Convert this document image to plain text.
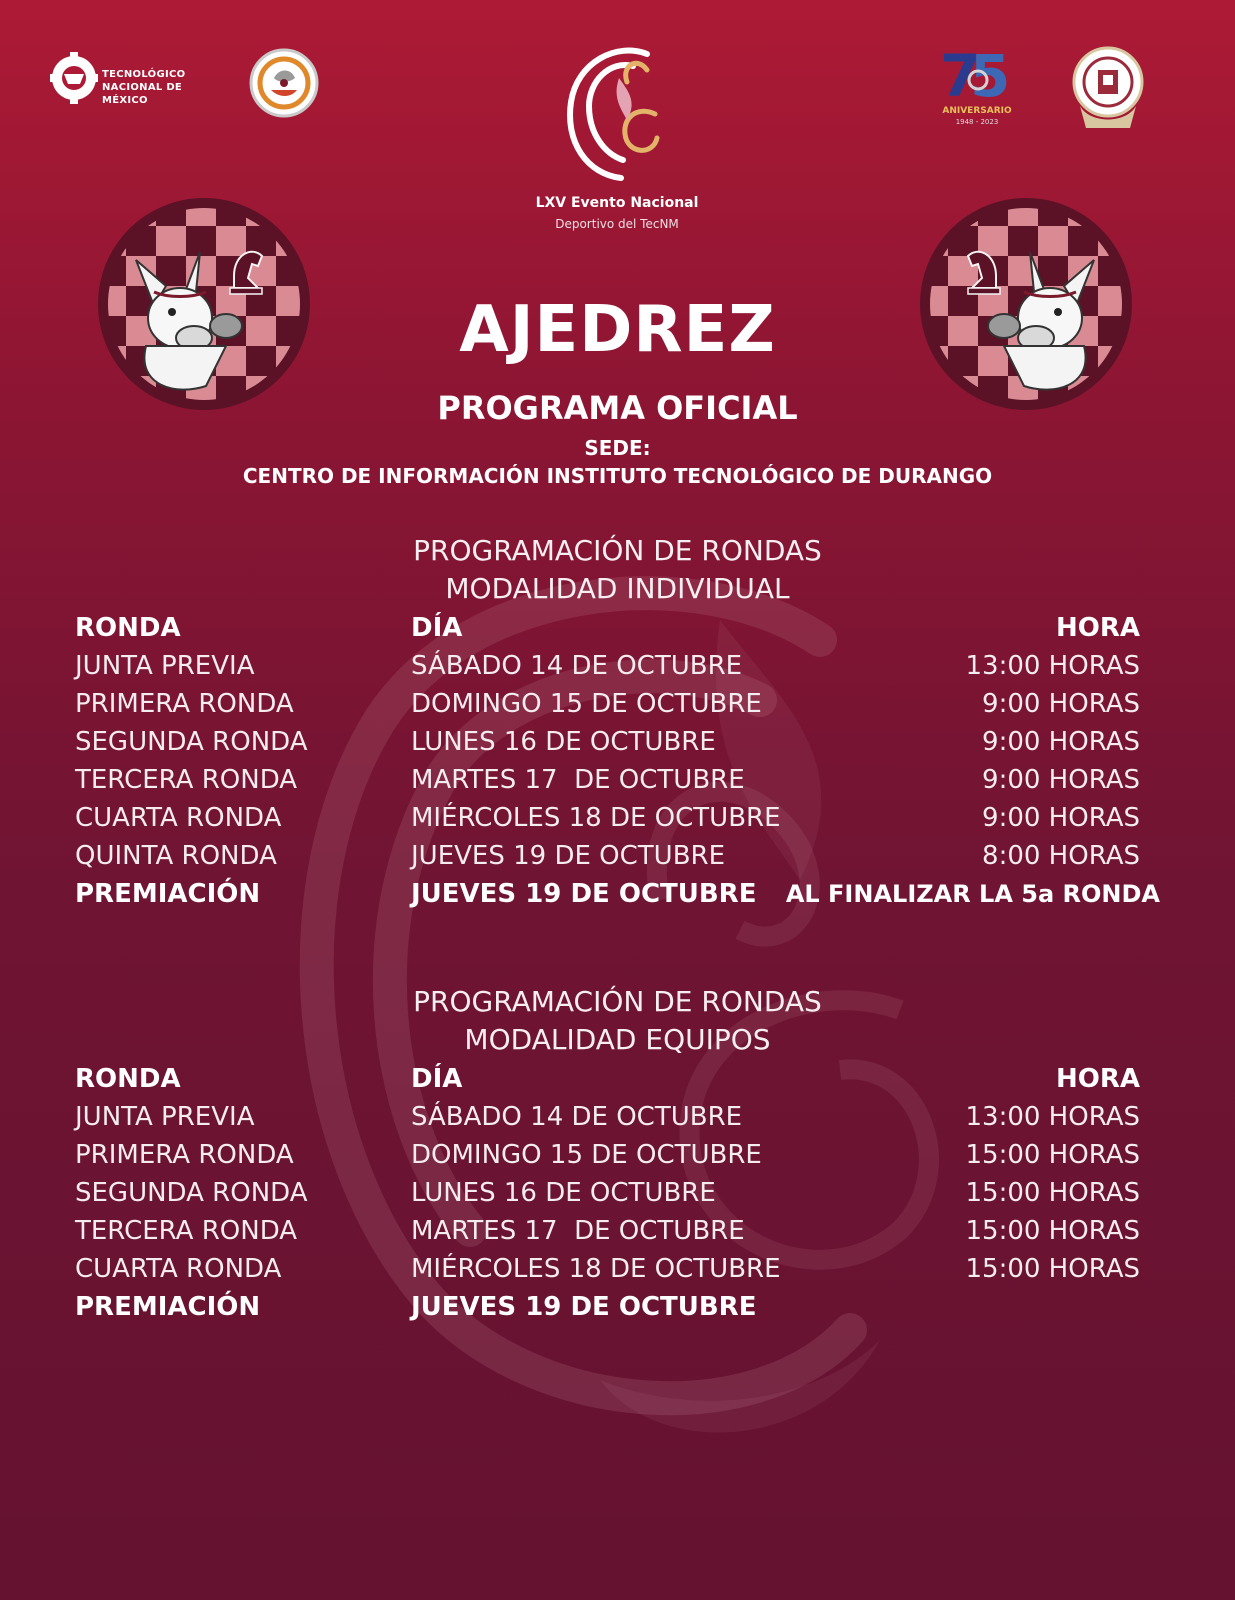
TECNOLÓGICO
NACIONAL DE MÉXICO
LXV Evento Nacional
Deportivo del TecNM
7
5
ANIVERSARIO
1948 - 2023
AJEDREZ
PROGRAMA OFICIAL
SEDE:
CENTRO DE INFORMACIÓN INSTITUTO TECNOLÓGICO DE DURANGO
PROGRAMACIÓN DE RONDAS
MODALIDAD INDIVIDUAL
RONDA	DÍA	HORA
JUNTA PREVIA	SÁBADO 14 DE OCTUBRE	13:00 HORAS
PRIMERA RONDA	DOMINGO 15 DE OCTUBRE	9:00 HORAS
SEGUNDA RONDA	LUNES 16 DE OCTUBRE	9:00 HORAS
TERCERA RONDA	MARTES 17  DE OCTUBRE	9:00 HORAS
CUARTA RONDA	MIÉRCOLES 18 DE OCTUBRE	9:00 HORAS
QUINTA RONDA	JUEVES 19 DE OCTUBRE	8:00 HORAS
PREMIACIÓN	JUEVES 19 DE OCTUBRE AL FINALIZAR LA 5a RONDA
PROGRAMACIÓN DE RONDAS
MODALIDAD EQUIPOS
RONDA	DÍA	HORA
JUNTA PREVIA	SÁBADO 14 DE OCTUBRE	13:00 HORAS
PRIMERA RONDA	DOMINGO 15 DE OCTUBRE	15:00 HORAS
SEGUNDA RONDA	LUNES 16 DE OCTUBRE	15:00 HORAS
TERCERA RONDA	MARTES 17  DE OCTUBRE	15:00 HORAS
CUARTA RONDA	MIÉRCOLES 18 DE OCTUBRE	15:00 HORAS
PREMIACIÓN	JUEVES 19 DE OCTUBRE
